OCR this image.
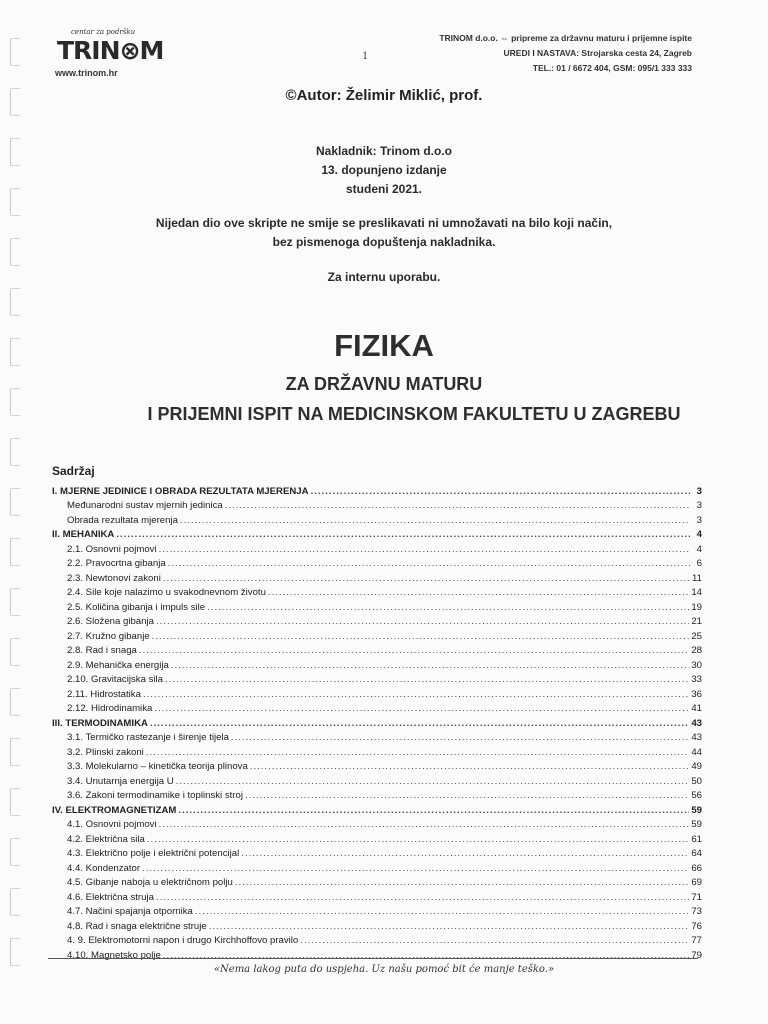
centar za podršku
TRIN⊗M
www.trinom.hr
1
TRINOM d.o.o. ⇔ pripreme za državnu maturu i prijemne ispite
UREDI I NASTAVA: Strojarska cesta 24, Zagreb
TEL.: 01 / 6672 404, GSM: 095/1 333 333
©Autor: Želimir Miklić, prof.
Nakladnik: Trinom d.o.o
13. dopunjeno izdanje
studeni 2021.
Nijedan dio ove skripte ne smije se preslikavati ni umnožavati na bilo koji način,
bez pismenoga dopuštenja nakladnika.
Za internu uporabu.
FIZIKA
ZA DRŽAVNU MATURU
I PRIJEMNI ISPIT NA MEDICINSKOM FAKULTETU U ZAGREBU
Sadržaj
I. MJERNE JEDINICE I OBRADA REZULTATA MJERENJA .....	3
Međunarodni sustav mjernih jedinica .....	3
Obrada rezultata mjerenja .....	3
II. MEHANIKA .....	4
2.1. Osnovni pojmovi .....	4
2.2. Pravocrtna gibanja .....	6
2.3. Newtonovi zakoni .....	11
2.4. Sile koje nalazimo u svakodnevnom životu .....	14
2.5. Količina gibanja i impuls sile .....	19
2.6. Složena gibanja .....	21
2.7. Kružno gibanje .....	25
2.8. Rad i snaga .....	28
2.9. Mehanička energija .....	30
2.10. Gravitacijska sila .....	33
2.11. Hidrostatika .....	36
2.12. Hidrodinamika .....	41
III. TERMODINAMIKA .....	43
3.1. Termičko rastezanje i širenje tijela .....	43
3.2. Plinski zakoni .....	44
3.3. Molekularno – kinetička teorija plinova .....	49
3.4. Unutarnja energija U .....	50
3.6. Zakoni termodinamike i toplinski stroj .....	56
IV. ELEKTROMAGNETIZAM .....	59
4.1. Osnovni pojmovi .....	59
4.2. Električna sila .....	61
4.3. Električno polje i električni potencijal .....	64
4.4. Kondenzator .....	66
4.5. Gibanje naboja u električnom polju .....	69
4.6. Električna struja .....	71
4.7. Načini spajanja otpornika .....	73
4.8. Rad i snaga električne struje .....	76
4. 9. Elektromotorni napon i drugo Kirchhoffovo pravilo .....	77
4.10. Magnetsko polje .....	79
«Nema lakog puta do uspjeha. Uz našu pomoć bit će manje teško.»
